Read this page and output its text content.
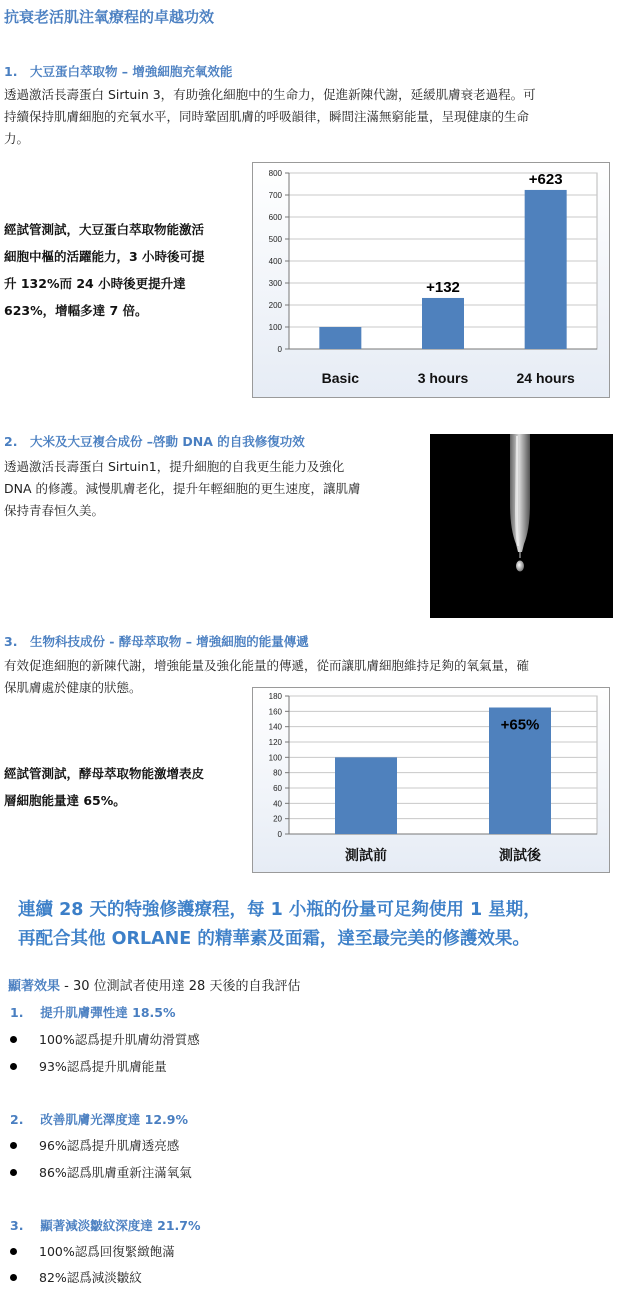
抗衰老活肌注氧療程的卓越功效
1.　大豆蛋白萃取物 – 增強細胞充氧效能
透過激活長壽蛋白 Sirtuin 3，有助強化細胞中的生命力，促進新陳代謝，延緩肌膚衰老過程。可
持續保持肌膚細胞的充氧水平，同時鞏固肌膚的呼吸韻律，瞬間注滿無窮能量，呈現健康的生命
力。
經試管測試，大豆蛋白萃取物能激活
細胞中樞的活躍能力，3 小時後可提
升 132%而 24 小時後更提升達
623%，增幅多達 7 倍。
0
100
200
300
400
500
600
700
800
Basic	3 hours
+132
24 hours
+623
2.　大米及大豆複合成份 –啓動 DNA 的自我修復功效
透過激活長壽蛋白 Sirtuin1，提升細胞的自我更生能力及強化
DNA 的修護。減慢肌膚老化，提升年輕細胞的更生速度，讓肌膚
保持青春恒久美。
3.　生物科技成份 - 酵母萃取物 – 增強細胞的能量傳遞
有效促進細胞的新陳代謝，增強能量及強化能量的傳遞，從而讓肌膚細胞維持足夠的氧氣量，確
保肌膚處於健康的狀態。
經試管測試，酵母萃取物能激增表皮
層細胞能量達 65%。
0
20
40
60
80
100
120
140
160
180
測試前	測試後
+65%
連續 28 天的特強修護療程，每 1 小瓶的份量可足夠使用 1 星期，
再配合其他 ORLANE 的精華素及面霜，達至最完美的修護效果。
顯著效果 - 30 位測試者使用達 28 天後的自我評估
1.　 提升肌膚彈性達 18.5%
100%認爲提升肌膚幼滑質感
93%認爲提升肌膚能量
2.　 改善肌膚光澤度達 12.9%
96%認爲提升肌膚透亮感
86%認爲肌膚重新注滿氧氣
3.　 顯著減淡皺紋深度達 21.7%
100%認爲回復緊緻飽滿
82%認爲減淡皺紋
